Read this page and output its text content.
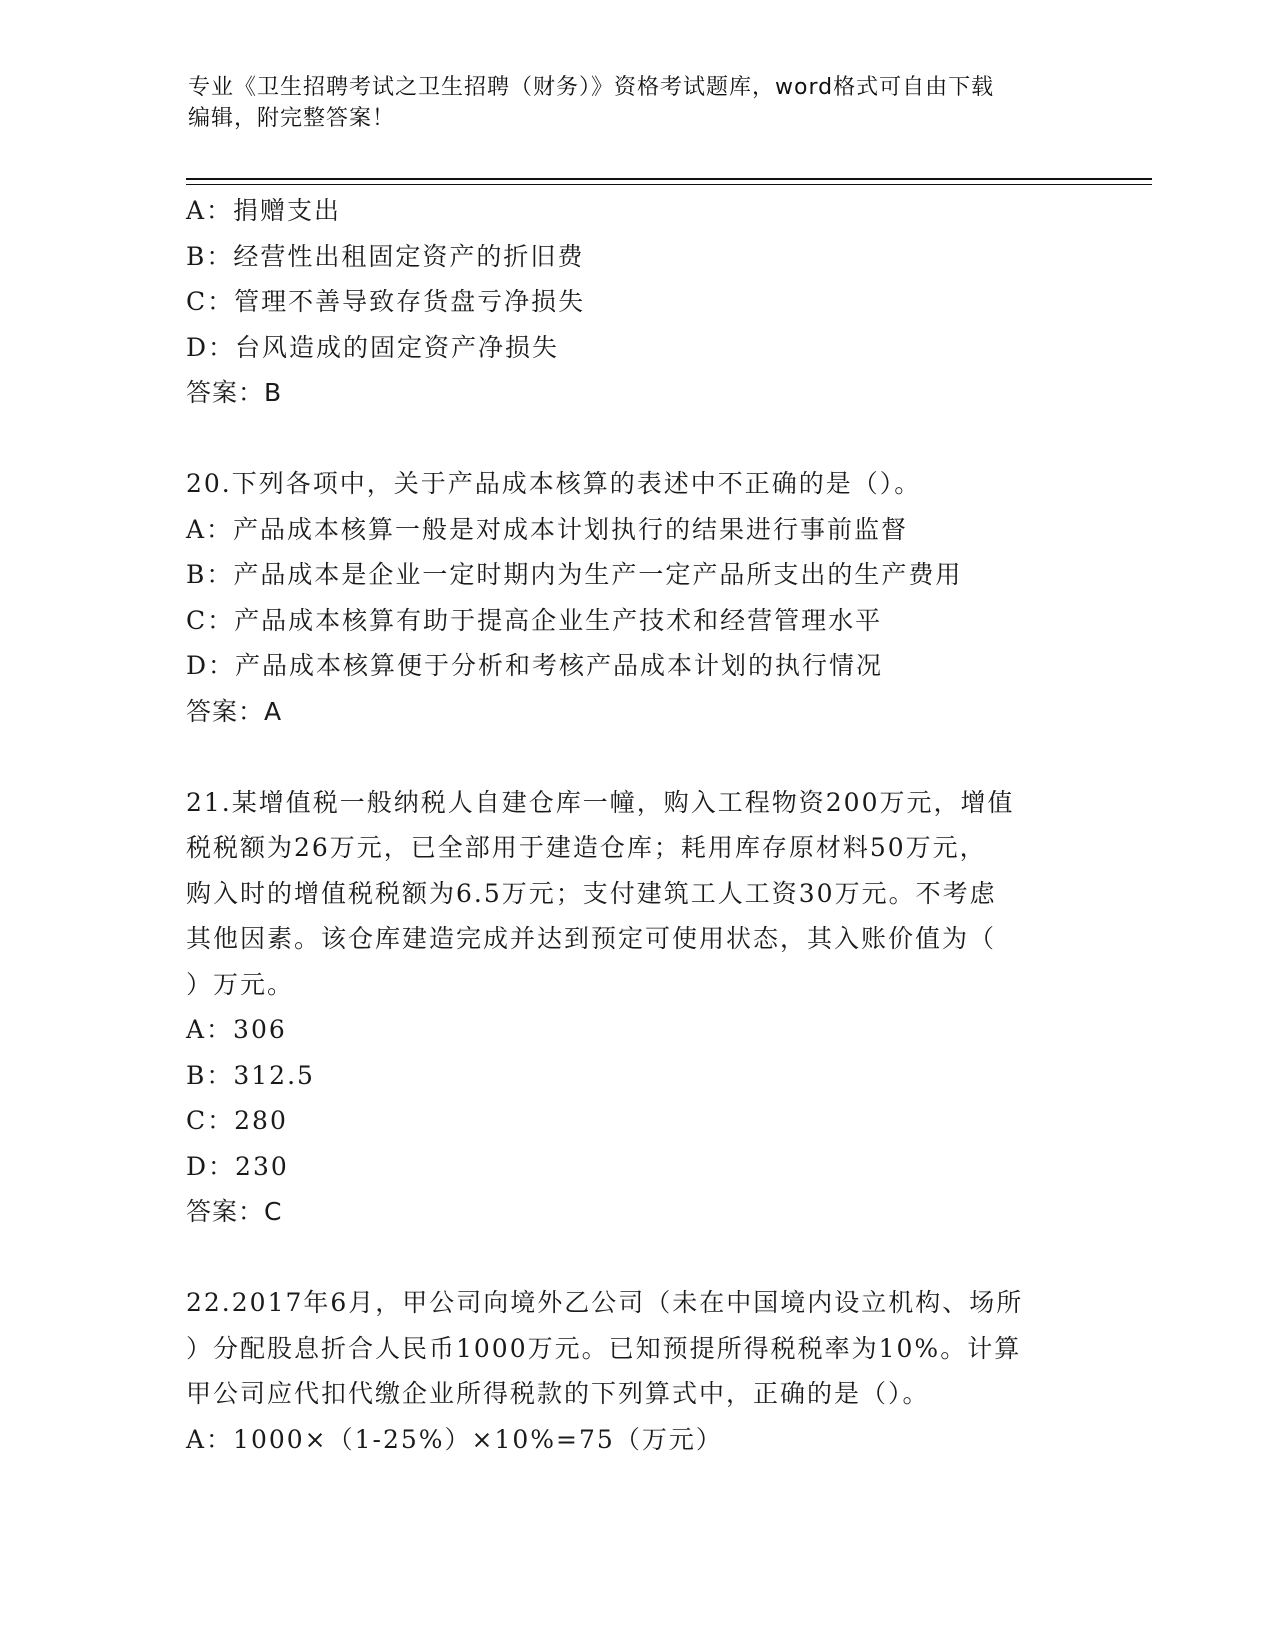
专业《卫生招聘考试之卫生招聘（财务）》资格考试题库，word格式可自由下载
编辑，附完整答案！
A：捐赠支出
B：经营性出租固定资产的折旧费
C：管理不善导致存货盘亏净损失
D：台风造成的固定资产净损失
答案：B
20.下列各项中，关于产品成本核算的表述中不正确的是（）。
A：产品成本核算一般是对成本计划执行的结果进行事前监督
B：产品成本是企业一定时期内为生产一定产品所支出的生产费用
C：产品成本核算有助于提高企业生产技术和经营管理水平
D：产品成本核算便于分析和考核产品成本计划的执行情况
答案：A
21.某增值税一般纳税人自建仓库一幢，购入工程物资200万元，增值
税税额为26万元，已全部用于建造仓库；耗用库存原材料50万元，
购入时的增值税税额为6.5万元；支付建筑工人工资30万元。不考虑
其他因素。该仓库建造完成并达到预定可使用状态，其入账价值为（
）万元。
A：306
B：312.5
C：280
D：230
答案：C
22.2017年6月，甲公司向境外乙公司（未在中国境内设立机构、场所
）分配股息折合人民币1000万元。已知预提所得税税率为10%。计算
甲公司应代扣代缴企业所得税款的下列算式中，正确的是（）。
A：1000×（1-25%）×10%=75（万元）
